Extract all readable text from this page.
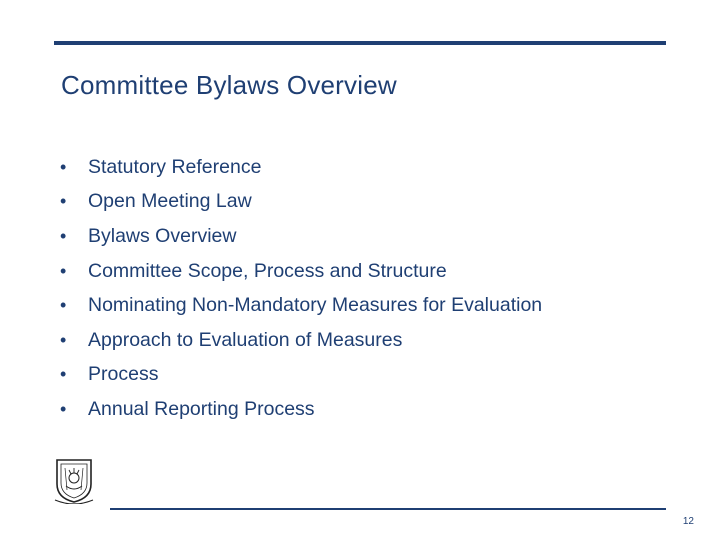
Committee Bylaws Overview
•	Statutory Reference
•	Open Meeting Law
•	Bylaws Overview
•	Committee Scope, Process and Structure
•	Nominating Non-Mandatory Measures for Evaluation
•	Approach to Evaluation of Measures
•	Process
•	Annual Reporting Process
12
